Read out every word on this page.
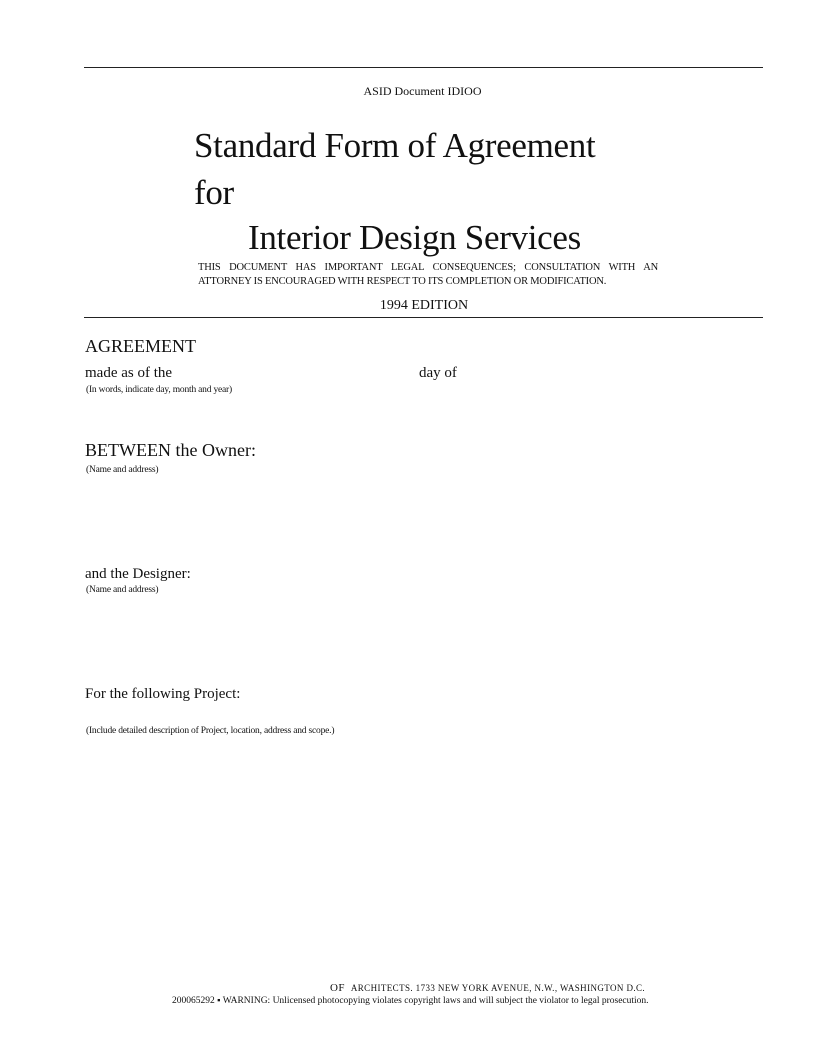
ASID Document IDIOO
Standard Form of Agreement
for
Interior Design Services
THIS DOCUMENT HAS IMPORTANT LEGAL CONSEQUENCES; CONSULTATION WITH AN
ATTORNEY IS ENCOURAGED WITH RESPECT TO ITS COMPLETION OR MODIFICATION.
1994 EDITION
AGREEMENT
made as of the	day of
(In words, indicate day, month and year)
BETWEEN the Owner:
(Name and address)
and the Designer:
(Name and address)
For the following Project:
(Include detailed description of Project, location, address and scope.)
OF ARCHITECTS. 1733 NEW YORK AVENUE, N.W., WASHINGTON D.C.
200065292 ▪ WARNING: Unlicensed photocopying violates copyright laws and will subject the violator to legal prosecution.
